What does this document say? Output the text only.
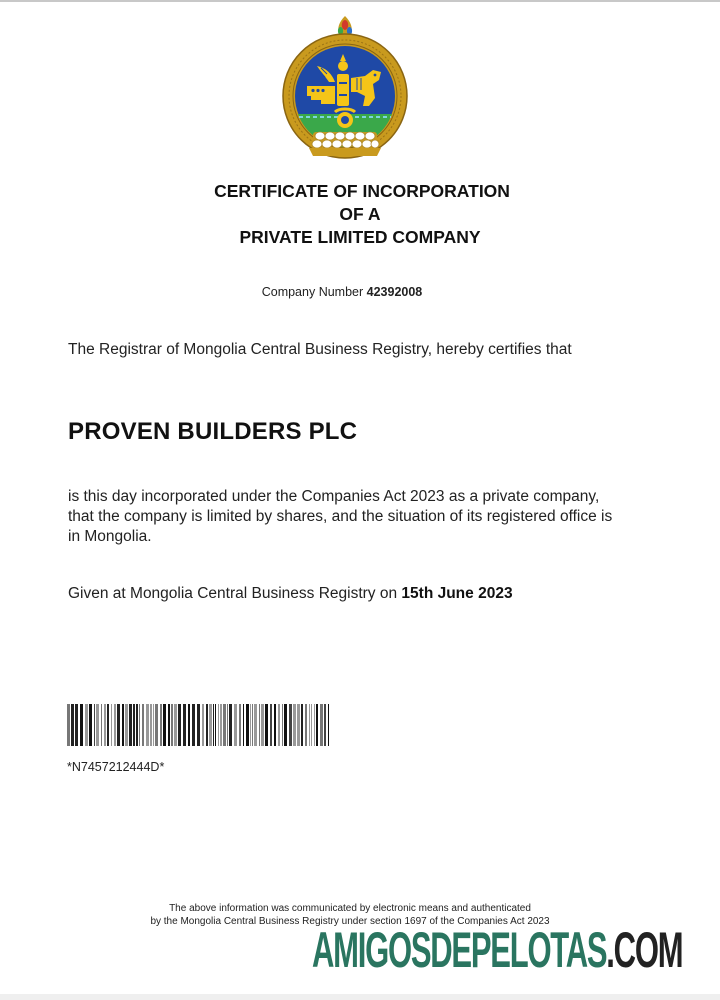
CERTIFICATE OF INCORPORATION
OF A
PRIVATE LIMITED COMPANY
Company Number 42392008

The Registrar of Mongolia Central Business Registry, hereby certifies that

PROVEN BUILDERS PLC

is this day incorporated under the Companies Act 2023 as a private company, that the company is limited by shares, and the situation of its registered office is in Mongolia.

Given at Mongolia Central Business Registry on 15th June 2023

*N7457212444D*
The above information was communicated by electronic means and authenticated
by the Mongolia Central Business Registry under section 1697 of the Companies Act 2023
AMIGOSDEPELOTAS.COM
